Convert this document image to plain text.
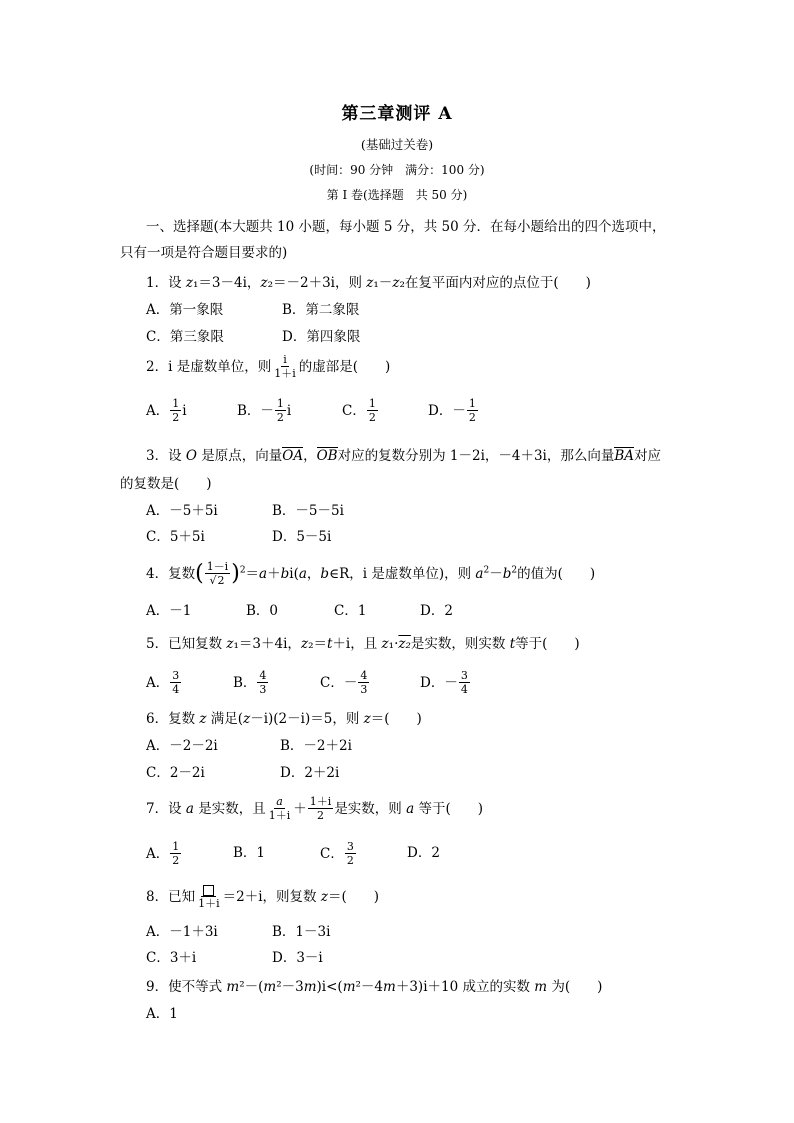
第三章测评 A
(基础过关卷)
(时间：90 分钟　满分：100 分)
第 Ⅰ 卷(选择题　共 50 分)
一、选择题(本大题共 10 小题，每小题 5 分，共 50 分．在每小题给出的四个选项中，
只有一项是符合题目要求的)
1．设 z₁＝3－4i，z₂＝－2＋3i，则 z₁－z₂在复平面内对应的点位于(　　)
A．第一象限	B．第二象限
C．第三象限	D．第四象限
2．i 是虚数单位，则 $\frac{i}{1+i}$ 的虚部是(　　)
A． $\frac{1}{2}$ i	B．－ $\frac{1}{2}$ i	C． $\frac{1}{2}$	D．－ $\frac{1}{2}$
3．设 O 是原点，向量OA，OB对应的复数分别为 1－2i，－4＋3i，那么向量BA对应
的复数是(　　)
A．－5＋5i	B．－5－5i
C．5＋5i	D．5－5i
4．复数( $\frac{1-i}{√2} )^2=a+bi(a$，b∈R，i 是虚数单位)，则 $a^2-b^2$的值为(　　)
A．－1	B．0	C．1	D．2
5．已知复数 z₁＝3＋4i，z₂＝t＋i，且 z₁·z₂是实数，则实数 t等于(　　)
A． $\frac{3}{4}$	B． $\frac{4}{3}$	C．－ $\frac{4}{3}$	D．－ $\frac{3}{4}$
6．复数 z 满足(z－i)(2－i)＝5，则 z＝(　　)
A．－2－2i	B．－2＋2i
C．2－2i	D．2＋2i
7．设 a 是实数，且 $\frac{a}{1+i} + \frac{1+i}{2}$ 是实数，则 a 等于(　　)
A． $\frac{1}{2}$	B．1	C． $\frac{3}{2}$	D．2
8．已知 1＋i ＝2＋i，则复数 z＝(　　)
A．－1＋3i	B．1－3i
C．3＋i	D．3－i
9．使不等式 m²－(m²－3m)i<(m²－4m＋3)i＋10 成立的实数 m 为(　　)
A．1
